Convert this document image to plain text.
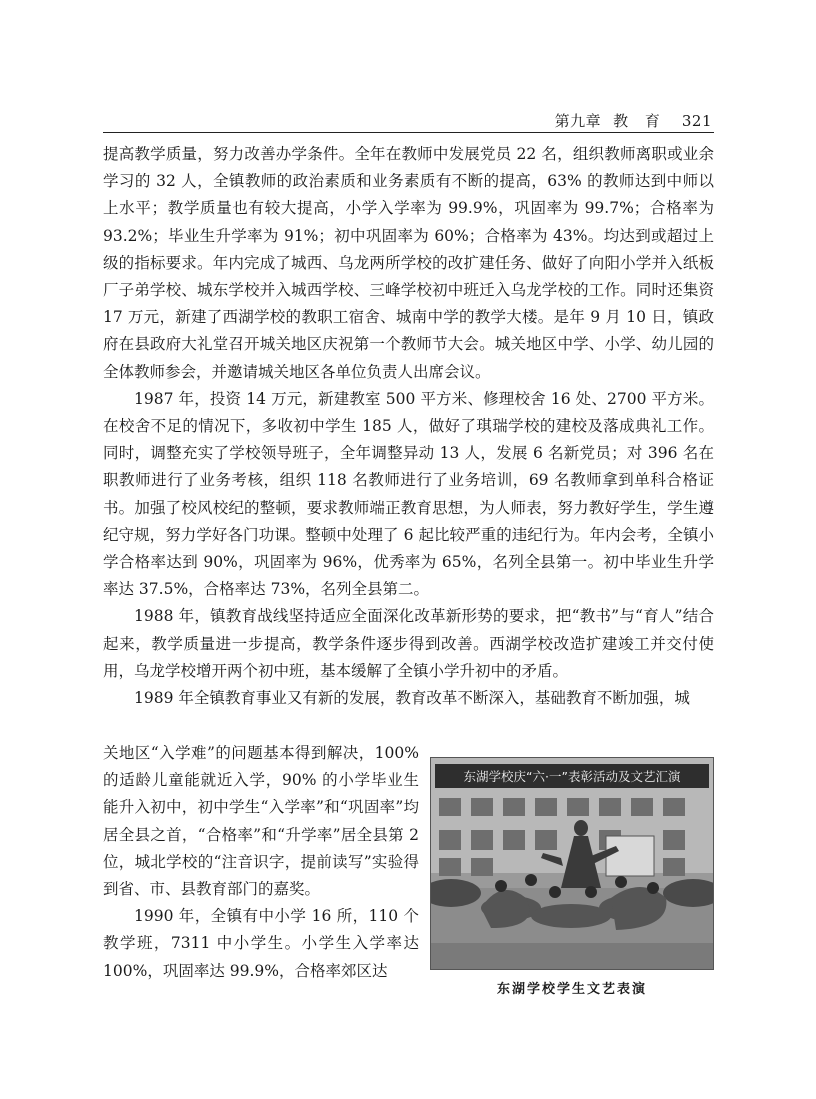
第九章 教 育 321

提高教学质量，努力改善办学条件。全年在教师中发展党员 22 名，组织教师离职或业余学习的 32 人，全镇教师的政治素质和业务素质有不断的提高，63% 的教师达到中师以上水平；教学质量也有较大提高，小学入学率为 99.9%，巩固率为 99.7%；合格率为 93.2%；毕业生升学率为 91%；初中巩固率为 60%；合格率为 43%。均达到或超过上级的指标要求。年内完成了城西、乌龙两所学校的改扩建任务、做好了向阳小学并入纸板厂子弟学校、城东学校并入城西学校、三峰学校初中班迁入乌龙学校的工作。同时还集资 17 万元，新建了西湖学校的教职工宿舍、城南中学的教学大楼。是年 9 月 10 日，镇政府在县政府大礼堂召开城关地区庆祝第一个教师节大会。城关地区中学、小学、幼儿园的全体教师参会，并邀请城关地区各单位负责人出席会议。

1987 年，投资 14 万元，新建教室 500 平方米、修理校舍 16 处、2700 平方米。在校舍不足的情况下，多收初中学生 185 人，做好了琪瑞学校的建校及落成典礼工作。同时，调整充实了学校领导班子，全年调整异动 13 人，发展 6 名新党员；对 396 名在职教师进行了业务考核，组织 118 名教师进行了业务培训，69 名教师拿到单科合格证书。加强了校风校纪的整顿，要求教师端正教育思想，为人师表，努力教好学生，学生遵纪守规，努力学好各门功课。整顿中处理了 6 起比较严重的违纪行为。年内会考，全镇小学合格率达到 90%，巩固率为 96%，优秀率为 65%，名列全县第一。初中毕业生升学率达 37.5%，合格率达 73%，名列全县第二。

1988 年，镇教育战线坚持适应全面深化改革新形势的要求，把“教书”与“育人”结合起来，教学质量进一步提高，教学条件逐步得到改善。西湖学校改造扩建竣工并交付使用，乌龙学校增开两个初中班，基本缓解了全镇小学升初中的矛盾。

1989 年全镇教育事业又有新的发展，教育改革不断深入，基础教育不断加强，城

关地区“入学难”的问题基本得到解决，100% 的适龄儿童能就近入学，90% 的小学毕业生能升入初中，初中学生“入学率”和“巩固率”均居全县之首，“合格率”和“升学率”居全县第 2 位，城北学校的“注音识字，提前读写”实验得到省、市、县教育部门的嘉奖。

1990 年，全镇有中小学 16 所，110 个教学班，7311 中小学生。小学生入学率达 100%，巩固率达 99.9%，合格率郊区达

东湖学校庆“六·一”表彰活动及文艺汇演
东湖学校学生文艺表演
